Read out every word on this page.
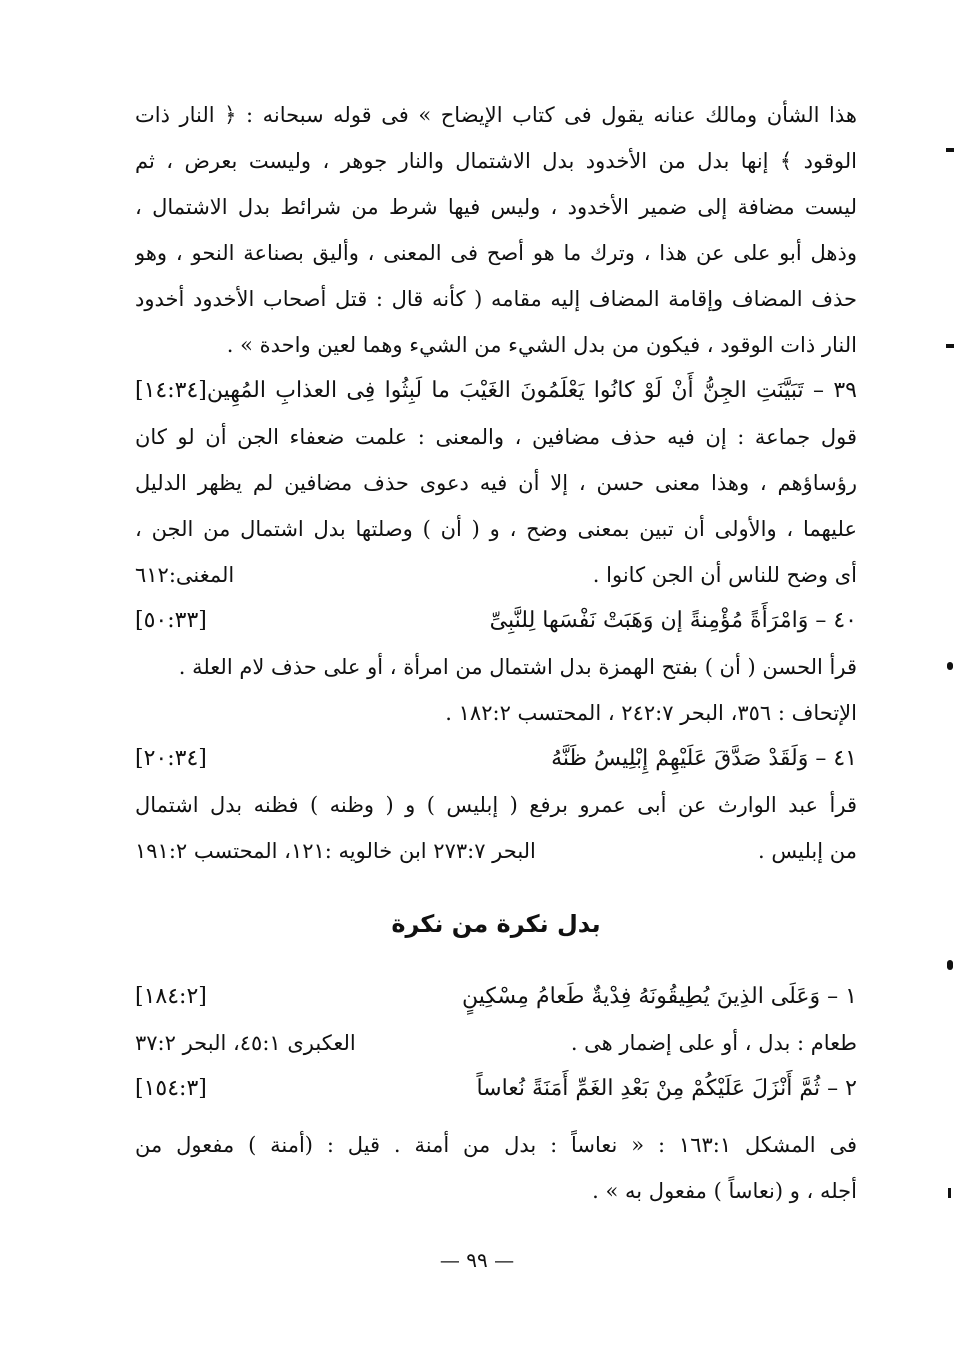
هذا الشأن ومالك عنانه يقول فى كتاب الإيضاح » فى قوله سبحانه : ﴿ النار ذات
الوقود ﴾ إنها بدل من الأخدود بدل الاشتمال والنار جوهر ، وليست بعرض ، ثم
ليست مضافة إلى ضمير الأخدود ، وليس فيها شرط من شرائط بدل الاشتمال ،
وذهل أبو على عن هذا ، وترك ما هو أصح فى المعنى ، وأليق بصناعة النحو ، وهو
حذف المضاف وإقامة المضاف إليه مقامه ( كأنه قال : قتل أصحاب الأخدود أخدود
النار ذات الوقود ، فيكون من بدل الشيء من الشيء وهما لعين واحدة » .
٣٩ – تَبَيَّنَتِ الجِنُّ أَنْ لَوْ كانُوا يَعْلَمُونَ الغَيْبَ ما لَبِثُوا فِى العذابِ المُهِين[١٤:٣٤]
قول جماعة : إن فيه حذف مضافين ، والمعنى : علمت ضعفاء الجن أن لو كان
رؤساؤهم ، وهذا معنى حسن ، إلا أن فيه دعوى حذف مضافين لم يظهر الدليل
عليهما ، والأولى أن تبين بمعنى وضح ، و ( أن ) وصلتها بدل اشتمال من الجن ،
أى وضح للناس أن الجن كانوا .
المغنى:٦١٢
٤٠ – وَامْرَأَةً مُؤْمِنةً إن وَهَبَتْ نَفْسَها لِلنَّبِىِّ
[٥٠:٣٣]
قرأ الحسن ( أن ) بفتح الهمزة بدل اشتمال من امرأة ، أو على حذف لام العلة .
الإتحاف : ٣٥٦، البحر ٢٤٢:٧ ، المحتسب ١٨٢:٢ .
٤١ – وَلَقَدْ صَدَّقَ عَلَيْهِمْ إِبْلِيسُ ظَنَّهُ
[٢٠:٣٤]
قرأ عبد الوارث عن أبى عمرو برفع ( إبليس ) و ( وظنه ) فظنه بدل اشتمال
من إبليس .
البحر ٢٧٣:٧ ابن خالويه :١٢١، المحتسب ١٩١:٢
بدل نكرة من نكرة
١ – وَعَلَى الذِينَ يُطِيقُونَهُ فِدْيةٌ طَعامُ مِسْكِينٍ
[١٨٤:٢]
طعام : بدل ، أو على إضمار هى .
العكبرى ٤٥:١، البحر ٣٧:٢
٢ – ثُمَّ أَنْزَلَ عَلَيْكُمْ مِنْ بَعْدِ الغَمِّ أَمَنَةً نُعاساً
[١٥٤:٣]
فى المشكل ١٦٣:١ : « نعاساً : بدل من أمنة . قيل : (أمنة ) مفعول من
أجله ، و (نعاساً ) مفعول به » .
— ٩٩ —
